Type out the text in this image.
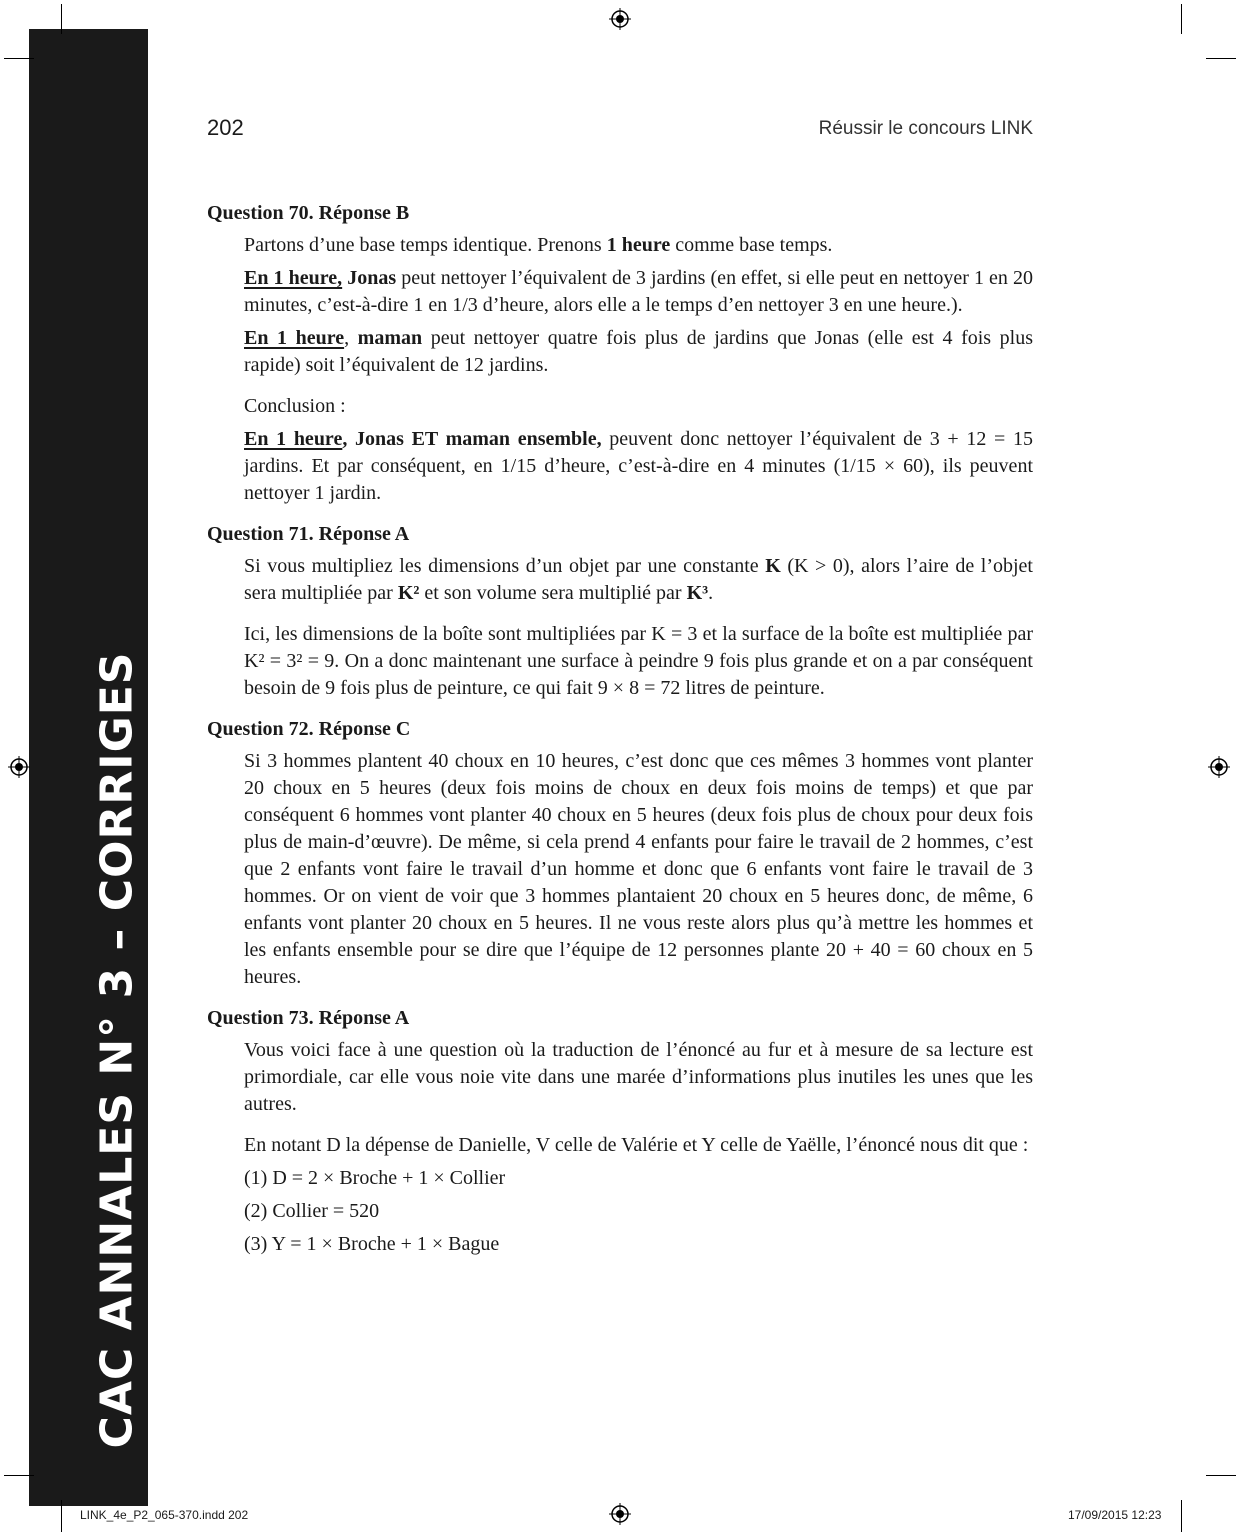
CAC ANNALES N° 3 – CORRIGES
202	Réussir le concours LINK

Question 70. Réponse B

Partons d’une base temps identique. Prenons 1 heure comme base temps.

En 1 heure, Jonas peut nettoyer l’équivalent de 3 jardins (en effet, si elle peut en nettoyer 1 en 20 minutes, c’est-à-dire 1 en 1/3 d’heure, alors elle a le temps d’en nettoyer 3 en une heure.).

En 1 heure, maman peut nettoyer quatre fois plus de jardins que Jonas (elle est 4 fois plus rapide) soit l’équivalent de 12 jardins.

Conclusion :

En 1 heure, Jonas ET maman ensemble, peuvent donc nettoyer l’équivalent de 3 + 12 = 15 jardins. Et par conséquent, en 1/15 d’heure, c’est-à-dire en 4 minutes (1/15 × 60), ils peuvent nettoyer 1 jardin.

Question 71. Réponse A

Si vous multipliez les dimensions d’un objet par une constante K (K > 0), alors l’aire de l’objet sera multipliée par K² et son volume sera multiplié par K³.

Ici, les dimensions de la boîte sont multipliées par K = 3 et la surface de la boîte est multipliée par K² = 3² = 9. On a donc maintenant une surface à peindre 9 fois plus grande et on a par conséquent besoin de 9 fois plus de peinture, ce qui fait 9 × 8 = 72 litres de peinture.

Question 72. Réponse C

Si 3 hommes plantent 40 choux en 10 heures, c’est donc que ces mêmes 3 hommes vont planter 20 choux en 5 heures (deux fois moins de choux en deux fois moins de temps) et que par conséquent 6 hommes vont planter 40 choux en 5 heures (deux fois plus de choux pour deux fois plus de main-d’œuvre). De même, si cela prend 4 enfants pour faire le travail de 2 hommes, c’est que 2 enfants vont faire le travail d’un homme et donc que 6 enfants vont faire le travail de 3 hommes. Or on vient de voir que 3 hommes plantaient 20 choux en 5 heures donc, de même, 6 enfants vont planter 20 choux en 5 heures. Il ne vous reste alors plus qu’à mettre les hommes et les enfants ensemble pour se dire que l’équipe de 12 personnes plante 20 + 40 = 60 choux en 5 heures.

Question 73. Réponse A

Vous voici face à une question où la traduction de l’énoncé au fur et à mesure de sa lecture est primordiale, car elle vous noie vite dans une marée d’informations plus inutiles les unes que les autres.

En notant D la dépense de Danielle, V celle de Valérie et Y celle de Yaëlle, l’énoncé nous dit que :

(1) D = 2 × Broche + 1 × Collier

(2) Collier = 520

(3) Y = 1 × Broche + 1 × Bague

LINK_4e_P2_065-370.indd 202	17/09/2015 12:23
